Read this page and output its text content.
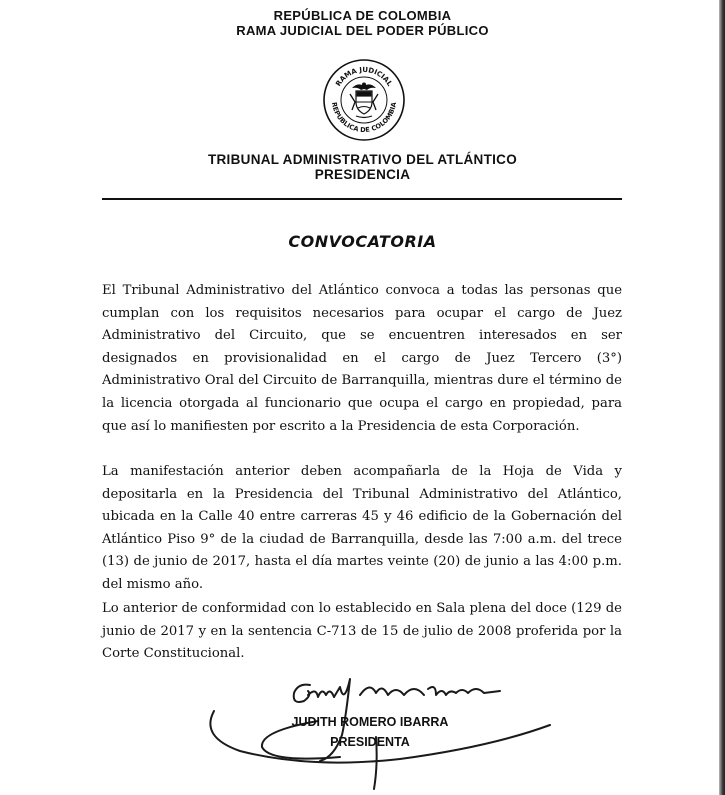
REPÚBLICA DE COLOMBIA
RAMA JUDICIAL DEL PODER PÚBLICO
RAMA JUDICIAL
REPUBLICA DE COLOMBIA
TRIBUNAL ADMINISTRATIVO DEL ATLÁNTICO
PRESIDENCIA
CONVOCATORIA
El Tribunal Administrativo del Atlántico convoca a todas las personas que cumplan con los requisitos necesarios para ocupar el cargo de Juez Administrativo del Circuito, que se encuentren interesados en ser designados en provisionalidad en el cargo de Juez Tercero (3°) Administrativo Oral del Circuito de Barranquilla, mientras dure el término de la licencia otorgada al funcionario que ocupa el cargo en propiedad, para que así lo manifiesten por escrito a la Presidencia de esta Corporación.
La manifestación anterior deben acompañarla de la Hoja de Vida y depositarla en la Presidencia del Tribunal Administrativo del Atlántico, ubicada en la Calle 40 entre carreras 45 y 46 edificio de la Gobernación del Atlántico Piso 9° de la ciudad de Barranquilla, desde las 7:00 a.m. del trece (13) de junio de 2017, hasta el día martes veinte (20) de junio a las 4:00 p.m. del mismo año.
Lo anterior de conformidad con lo establecido en Sala plena del doce (129 de junio de 2017 y en la sentencia C-713 de 15 de julio de 2008 proferida por la Corte Constitucional.
JUDITH ROMERO IBARRA
PRESIDENTA
